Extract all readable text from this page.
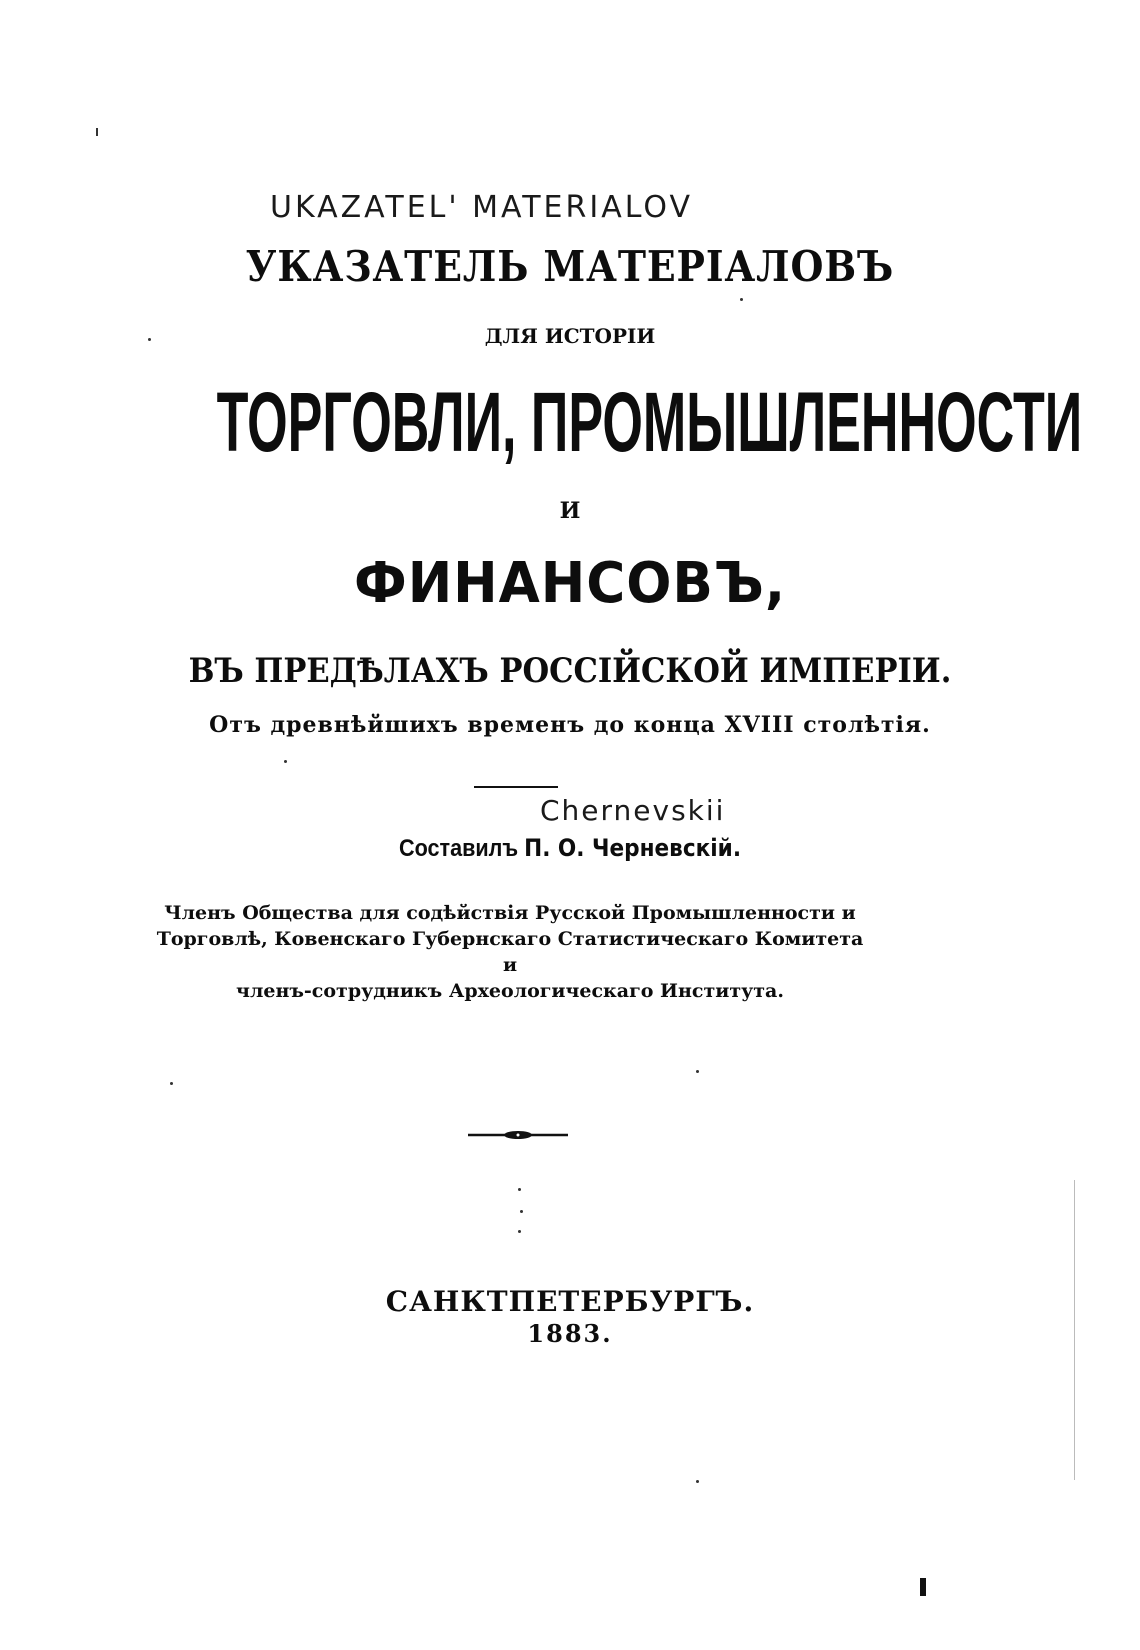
UKAZATEL' MATERIALOV
Chernevskii
УКАЗАТЕЛЬ МАТЕРІАЛОВЪ
ДЛЯ ИСТОРІИ
ТОРГОВЛИ, ПРОМЫШЛЕННОСТИ
И
ФИНАНСОВЪ,
ВЪ ПРЕДѢЛАХЪ РОССІЙСКОЙ ИМПЕРІИ.
Отъ древнѣйшихъ временъ до конца XVIII столѣтія.
Составилъ П. О. Черневскій.
Членъ Общества для содѣйствія Русской Промышленности и
Торговлѣ, Ковенскаго Губернскаго Статистическаго Комитета и
членъ-сотрудникъ Археологическаго Института.
САНКТПЕТЕРБУРГЪ.
1883.
